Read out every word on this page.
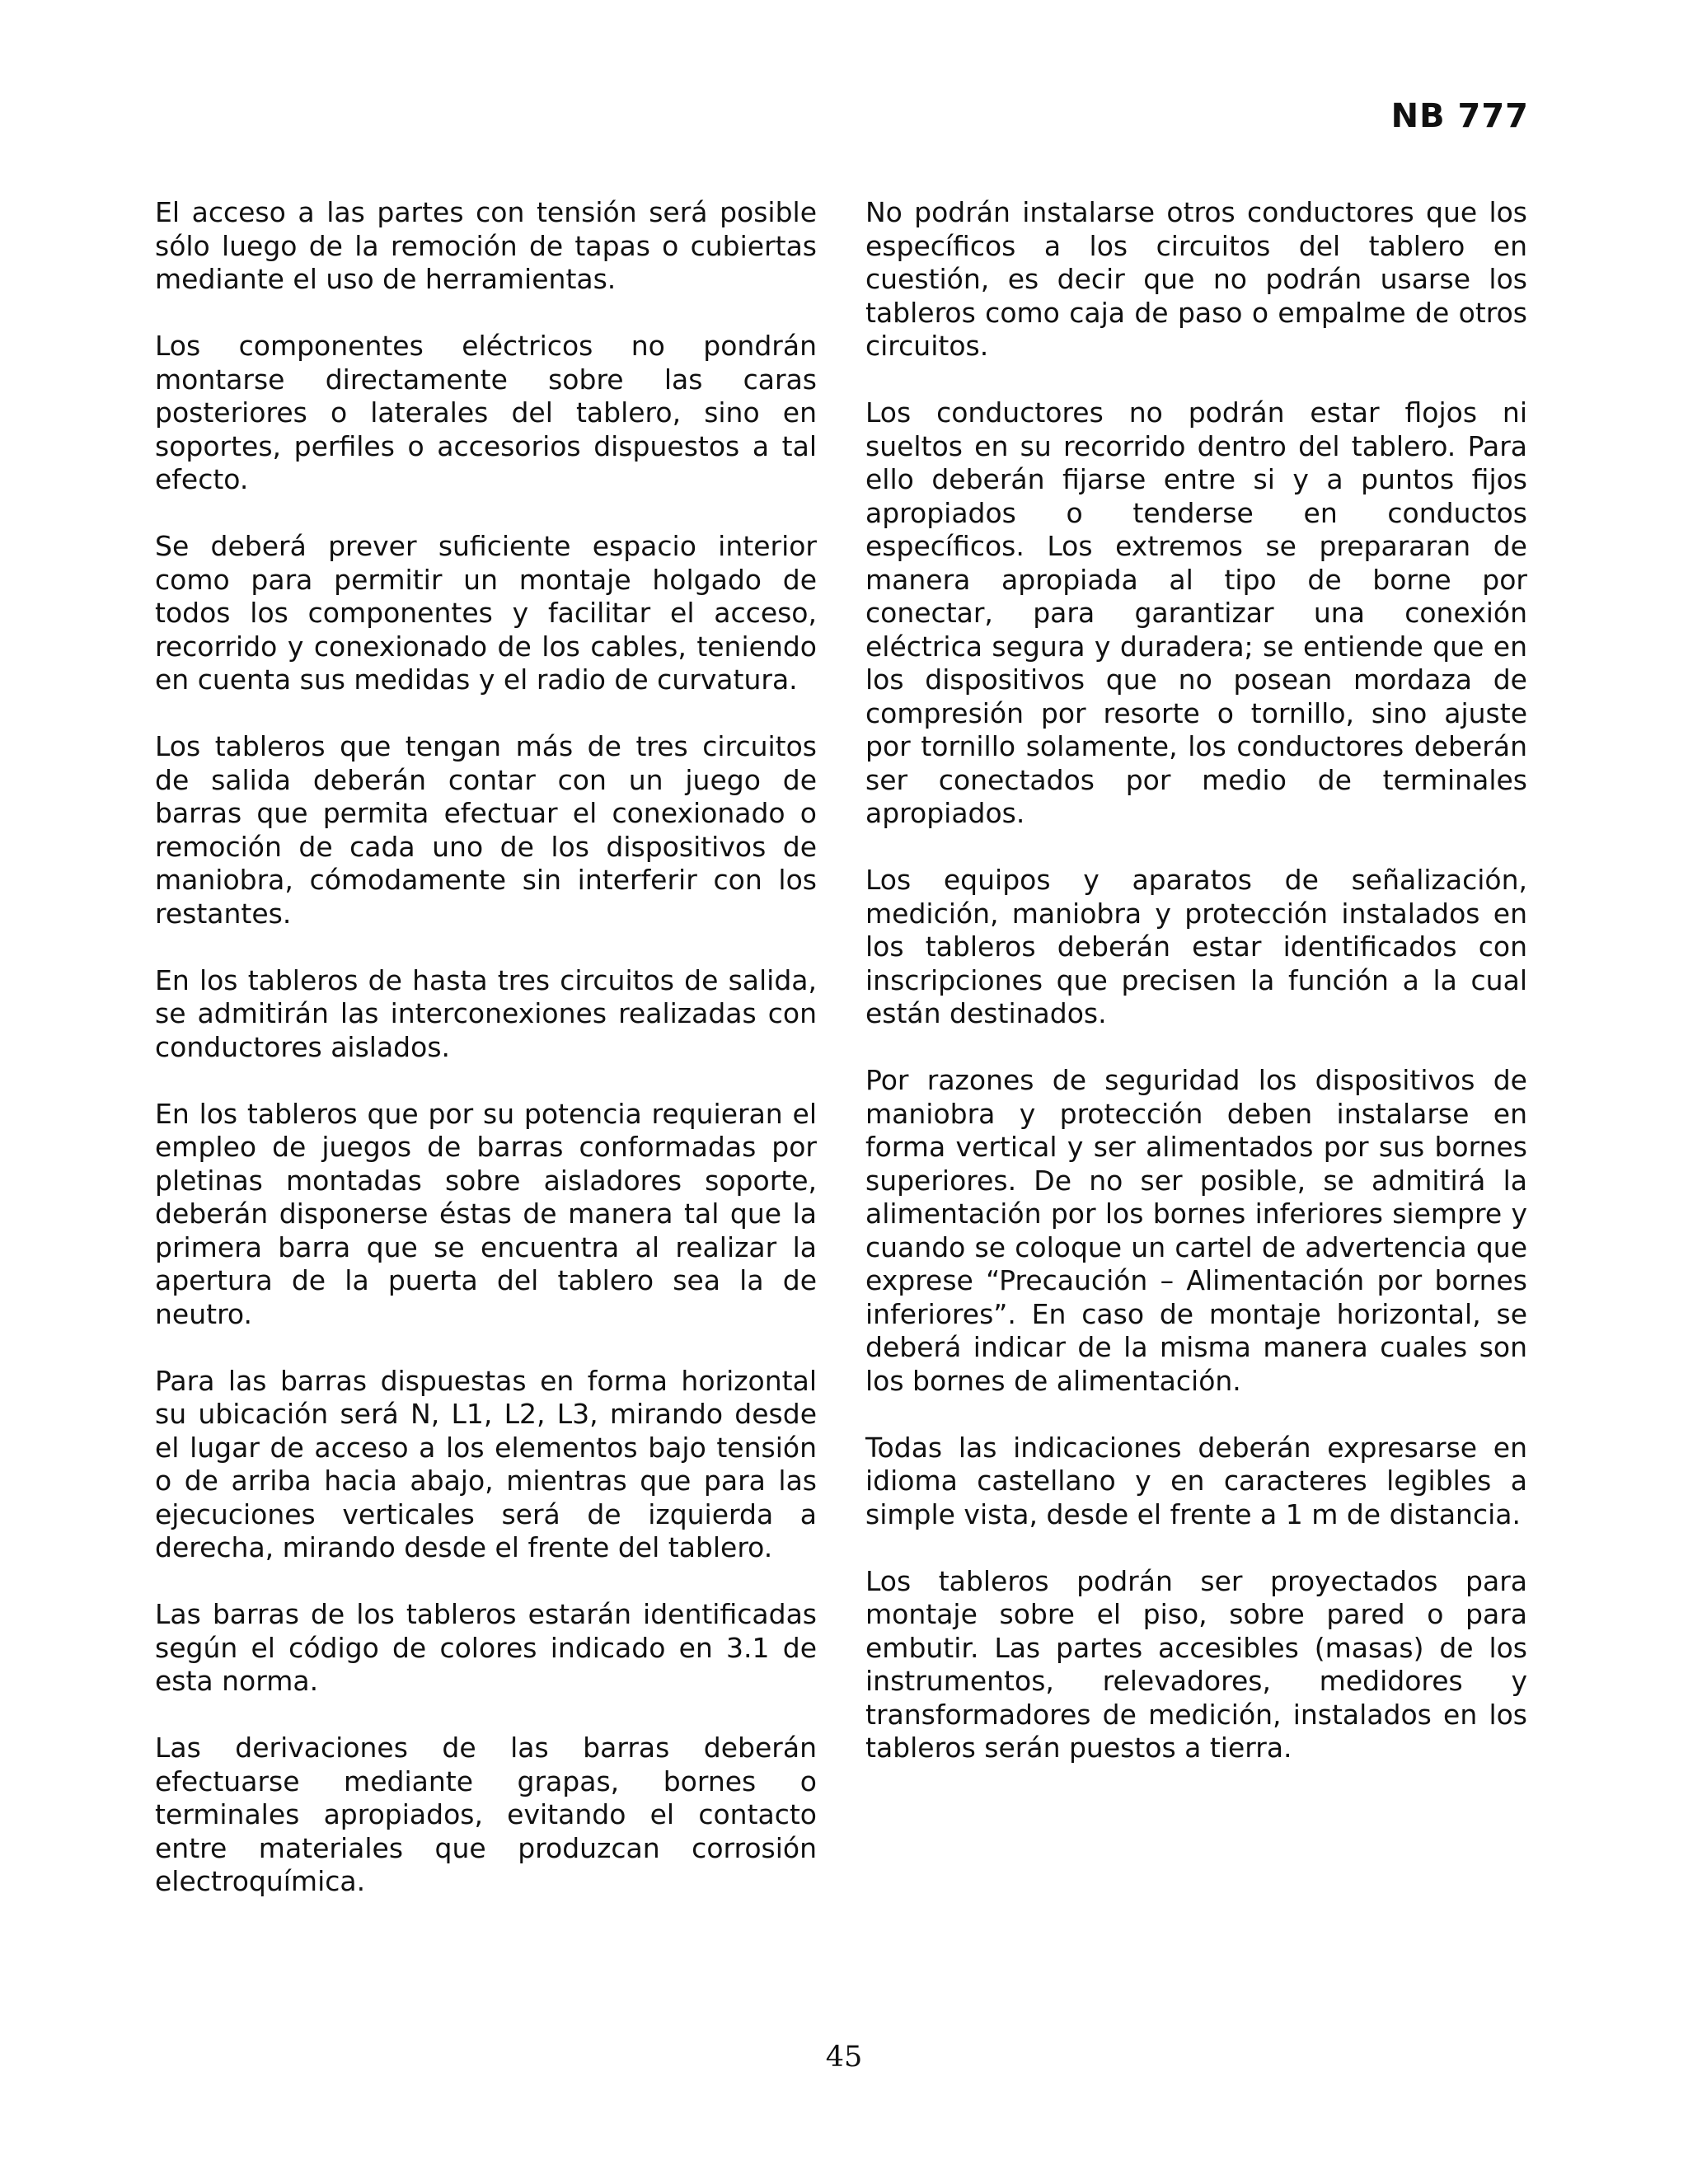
NB 777

El acceso a las partes con tensión será posible sólo luego de la remoción de tapas o cubiertas mediante el uso de herramientas.

Los componentes eléctricos no pondrán montarse directamente sobre las caras posteriores o laterales del tablero, sino en soportes, perfiles o accesorios dispuestos a tal efecto.

Se deberá prever suficiente espacio interior como para permitir un montaje holgado de todos los componentes y facilitar el acceso, recorrido y conexionado de los cables, teniendo en cuenta sus medidas y el radio de curvatura.

Los tableros que tengan más de tres circuitos de salida deberán contar con un juego de barras que permita efectuar el conexionado o remoción de cada uno de los dispositivos de maniobra, cómodamente sin interferir con los restantes.

En los tableros de hasta tres circuitos de salida, se admitirán las interconexiones realizadas con conductores aislados.

En los tableros que por su potencia requieran el empleo de juegos de barras conformadas por pletinas montadas sobre aisladores soporte, deberán disponerse éstas de manera tal que la primera barra que se encuentra al realizar la apertura de la puerta del tablero sea la de neutro.

Para las barras dispuestas en forma horizontal su ubicación será N, L1, L2, L3, mirando desde el lugar de acceso a los elementos bajo tensión o de arriba hacia abajo, mientras que para las ejecuciones verticales será de izquierda a derecha, mirando desde el frente del tablero.

Las barras de los tableros estarán identificadas según el código de colores indicado en 3.1 de esta norma.

Las derivaciones de las barras deberán efectuarse mediante grapas, bornes o terminales apropiados, evitando el contacto entre materiales que produzcan corrosión electroquímica.

No podrán instalarse otros conductores que los específicos a los circuitos del tablero en cuestión, es decir que no podrán usarse los tableros como caja de paso o empalme de otros circuitos.

Los conductores no podrán estar flojos ni sueltos en su recorrido dentro del tablero. Para ello deberán fijarse entre si y a puntos fijos apropiados o tenderse en conductos específicos. Los extremos se prepararan de manera apropiada al tipo de borne por conectar, para garantizar una conexión eléctrica segura y duradera; se entiende que en los dispositivos que no posean mordaza de compresión por resorte o tornillo, sino ajuste por tornillo solamente, los conductores deberán ser conectados por medio de terminales apropiados.

Los equipos y aparatos de señalización, medición, maniobra y protección instalados en los tableros deberán estar identificados con inscripciones que precisen la función a la cual están destinados.

Por razones de seguridad los dispositivos de maniobra y protección deben instalarse en forma vertical y ser alimentados por sus bornes superiores. De no ser posible, se admitirá la alimentación por los bornes inferiores siempre y cuando se coloque un cartel de advertencia que exprese “Precaución – Alimentación por bornes inferiores”. En caso de montaje horizontal, se deberá indicar de la misma manera cuales son los bornes de alimentación.

Todas las indicaciones deberán expresarse en idioma castellano y en caracteres legibles a simple vista, desde el frente a 1 m de distancia.

Los tableros podrán ser proyectados para montaje sobre el piso, sobre pared o para embutir. Las partes accesibles (masas) de los instrumentos, relevadores, medidores y transformadores de medición, instalados en los tableros serán puestos a tierra.

45
